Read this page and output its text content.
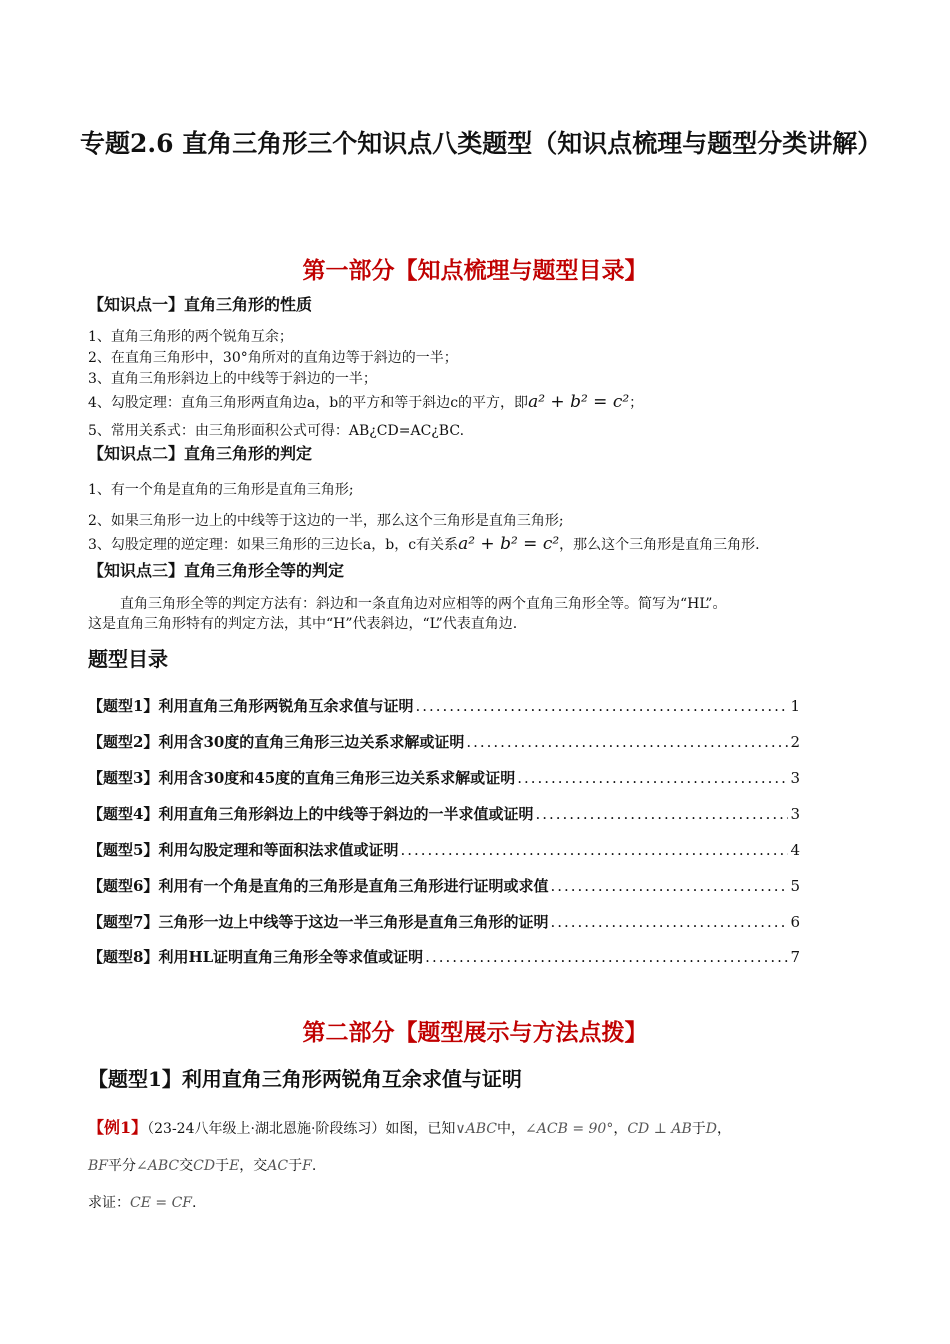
专题2.6 直角三角形三个知识点八类题型（知识点梳理与题型分类讲解）
第一部分【知点梳理与题型目录】
【知识点一】直角三角形的性质
1、直角三角形的两个锐角互余；
2、在直角三角形中，30°角所对的直角边等于斜边的一半；
3、直角三角形斜边上的中线等于斜边的一半；
4、勾股定理：直角三角形两直角边a，b的平方和等于斜边c的平方，即a² + b² = c²；
5、常用关系式：由三角形面积公式可得：AB¿CD=AC¿BC.
【知识点二】直角三角形的判定
1、有一个角是直角的三角形是直角三角形;
2、如果三角形一边上的中线等于这边的一半，那么这个三角形是直角三角形;
3、勾股定理的逆定理：如果三角形的三边长a，b，c有关系a² + b² = c²，那么这个三角形是直角三角形.
【知识点三】直角三角形全等的判定
直角三角形全等的判定方法有：斜边和一条直角边对应相等的两个直角三角形全等。简写为“HL”。
这是直角三角形特有的判定方法，其中“H”代表斜边，“L”代表直角边.
题型目录
【题型1】 利用直角三角形两锐角互余求值与证明 .....	1
【题型2】 利用含30度的直角三角形三边关系求解或证明 .....	2
【题型3】 利用含30度和45度的直角三角形三边关系求解或证明 .....	3
【题型4】 利用直角三角形斜边上的中线等于斜边的一半求值或证明 .....	3
【题型5】 利用勾股定理和等面积法求值或证明 .....	4
【题型6】 利用有一个角是直角的三角形是直角三角形进行证明或求值 .....	5
【题型7】 三角形一边上中线等于这边一半三角形是直角三角形的证明 .....	6
【题型8】 利用HL证明直角三角形全等求值或证明 .....	7
第二部分【题型展示与方法点拨】
【题型1】利用直角三角形两锐角互余求值与证明
【例1】（23-24八年级上·湖北恩施·阶段练习）如图，已知∨ABC中，∠ACB = 90°，CD ⊥ AB于D，
BF平分∠ABC交CD于E，交AC于F.
求证：CE = CF.
